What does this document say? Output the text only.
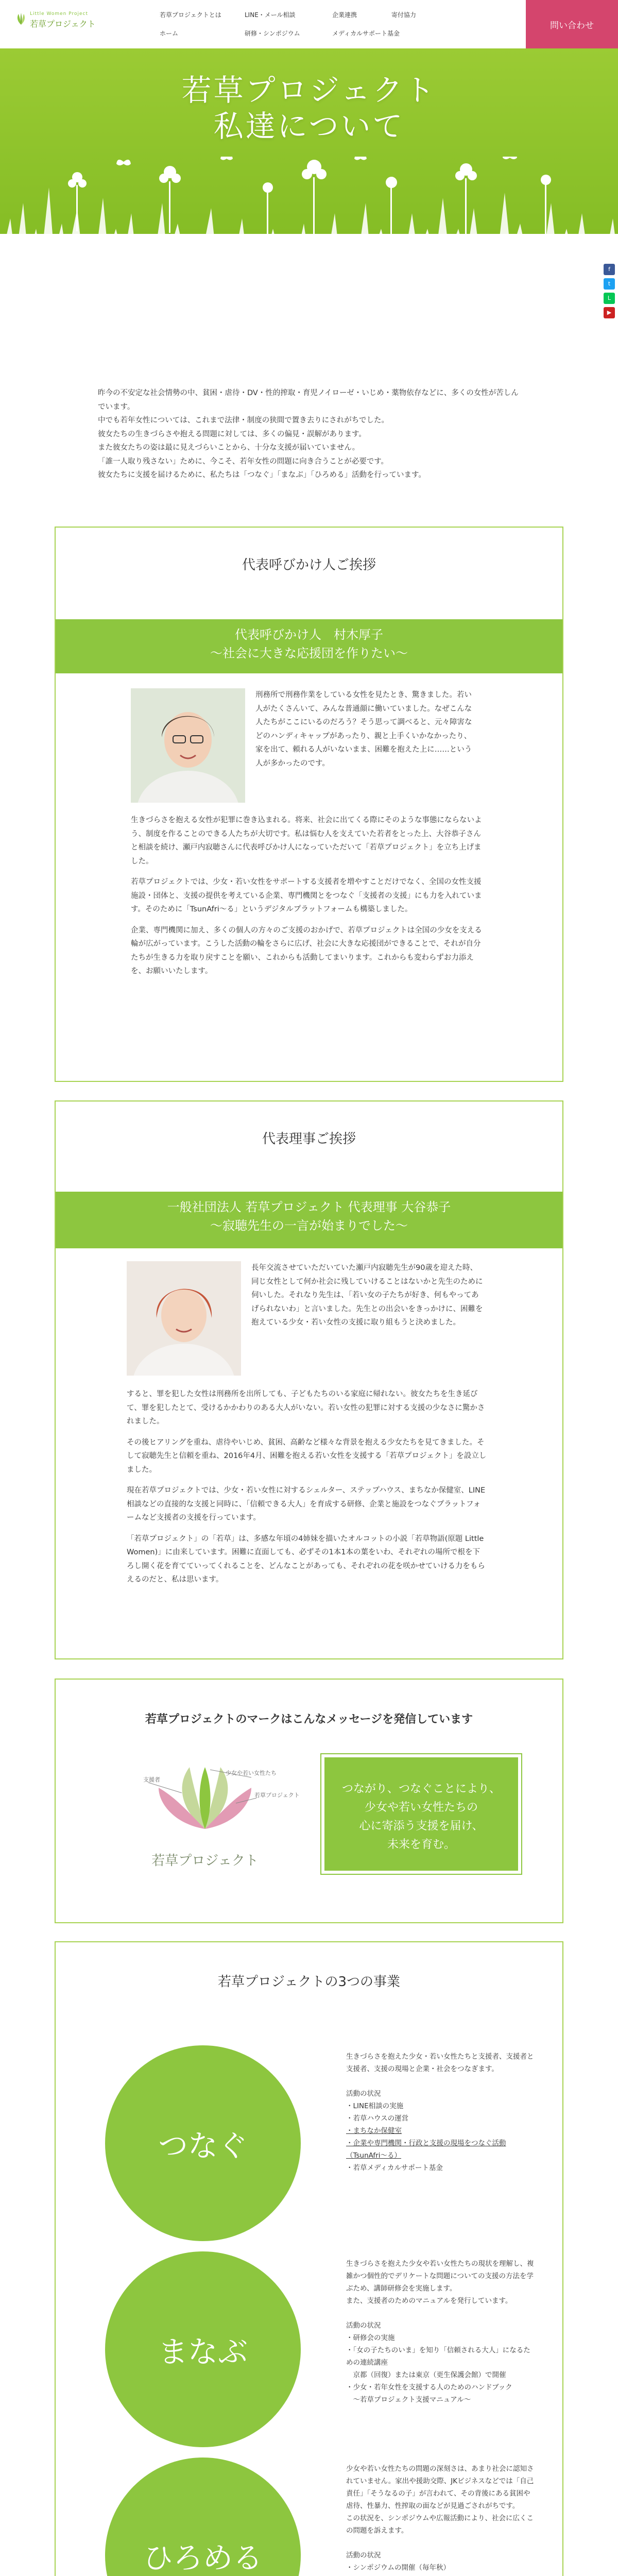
Little Women Project
若草プロジェクト
若草プロジェクトとは	LINE・メール相談	企業連携	寄付協力
ホーム	研修・シンポジウム	メディカルサポート基金
問い合わせ
若草プロジェクト
私達について
f
t
L
▶

昨今の不安定な社会情勢の中、貧困・虐待・DV・性的搾取・育児ノイローゼ・いじめ・薬物依存などに、多くの女性が苦しんでいます。

中でも若年女性については、これまで法律・制度の狭間で置き去りにされがちでした。

彼女たちの生きづらさや抱える問題に対しては、多くの偏見・誤解があります。

また彼女たちの姿は最に見えづらいことから、十分な支援が届いていません。

「誰一人取り残さない」ために、今こそ、若年女性の問題に向き合うことが必要です。

彼女たちに支援を届けるために、私たちは「つなぐ」「まなぶ」「ひろめる」活動を行っています。

代表呼びかけ人ご挨拶
代表呼びかけ人　村木厚子
〜社会に大きな応援団を作りたい〜

刑務所で刑務作業をしている女性を見たとき、驚きました。若い人がたくさんいて、みんな普通顔に働いていました。なぜこんな人たちがここにいるのだろう？そう思って調べると、元々障害などのハンディキャップがあったり、親と上手くいかなかったり、家を出て、頼れる人がいないまま、困難を抱えた上に……という人が多かったのです。

生きづらさを抱える女性が犯罪に巻き込まれる。将来、社会に出てくる際にそのような事態にならないよう、制度を作ることのできる人たちが大切です。私は悩む人を支えていた若者をとった上、大谷恭子さんと相談を続け、瀬戸内寂聴さんに代表呼びかけ人になっていただいて「若草プロジェクト」を立ち上げました。

若草プロジェクトでは、少女・若い女性をサポートする支援者を増やすことだけでなく、全国の女性支援施設・団体と、支援の提供を考えている企業、専門機関とをつなぐ「支援者の支援」にも力を入れています。そのために「TsunAfri〜る」というデジタルプラットフォームも構築しました。

企業、専門機関に加え、多くの個人の方々のご支援のおかげで、若草プロジェクトは全国の少女を支える輪が広がっています。こうした活動の輪をさらに広げ、社会に大きな応援団ができることで、それが自分たちが生きる力を取り戻すことを願い、これからも活動してまいります。これからも変わらずお力添えを、お願いいたします。

代表理事ご挨拶
一般社団法人 若草プロジェクト 代表理事 大谷恭子
〜寂聴先生の一言が始まりでした〜

長年交流させていただいていた瀬戸内寂聴先生が90歳を迎えた時、同じ女性として何か社会に残していけることはないかと先生のために伺いした。それなり先生は、「若い女の子たちが好き、何もやってあげられないわ」と言いました。先生との出会いをきっかけに、困難を抱えている少女・若い女性の支援に取り組もうと決めました。

すると、罪を犯した女性は刑務所を出所しても、子どもたちのいる家庭に帰れない。彼女たちを生き延びて、罪を犯したとて、受けるかかわりのある大人がいない。若い女性の犯罪に対する支援の少なさに驚かされました。

その後ヒアリングを重ね、虐待やいじめ、貧困、高齢など様々な背景を抱える少女たちを見てきました。そして寂聴先生と信頼を重ね、2016年4月、困難を抱える若い女性を支援する「若草プロジェクト」を設立しました。

現在若草プロジェクトでは、少女・若い女性に対するシェルター、ステップハウス、まちなか保健室、LINE相談などの直接的な支援と同時に、「信頼できる大人」を育成する研修、企業と施設をつなぐプラットフォームなど支援者の支援を行っています。

「若草プロジェクト」の「若草」は、多感な年頃の4姉妹を描いたオルコットの小説「若草物語(原題 Little Women)」に由来しています。困難に直面しても、必ずその1本1本の葉をいわ、それぞれの場所で根を下ろし開く花を育てていってくれることを、どんなことがあっても、それぞれの花を咲かせていける力をもらえるのだと、私は思います。

若草プロジェクトのマークはこんなメッセージを発信しています
支援者
少女や若い女性たち
若草プロジェクト
若草プロジェクト
つながり、つなぐことにより、
少女や若い女性たちの
心に寄添う支援を届け、
未来を育む。
若草プロジェクトの3つの事業
つなぐ

生きづらさを抱えた少女・若い女性たちと支援者、支援者と支援者、支援の現場と企業・社会をつなぎます。

活動の状況

・LINE相談の実施

・若草ハウスの運営

・まちなか保健室

・企業や専門機関・行政と支援の現場をつなぐ活動（TsunAfri〜る）

・若草メディカルサポート基金

まなぶ

生きづらさを抱えた少女や若い女性たちの現状を理解し、複雑かつ個性的でデリケートな問題についての支援の方法を学ぶため、講師研修会を実施します。

また、支援者のためのマニュアルを発行しています。

活動の状況

・研修会の実施

・「女の子たちのいま」を知り「信頼される大人」になるための連続講座

　京都（回復）または東京（更生保護会館）で開催

・少女・若年女性を支援する人のためのハンドブック

　〜若草プロジェクト支援マニュアル〜

ひろめる

少女や若い女性たちの問題の深刻さは、あまり社会に認知されていません。家出や援助交際、JKビジネスなどでは「自己責任」「そうなるの子」が言われて、その背後にある貧困や虐待、性暴力、性搾取の面などが見過ごされがちです。

この状況を、シンポジウムや広報活動により、社会に広くこの問題を訴えます。

活動の状況

・シンポジウムの開催（毎年秋）
